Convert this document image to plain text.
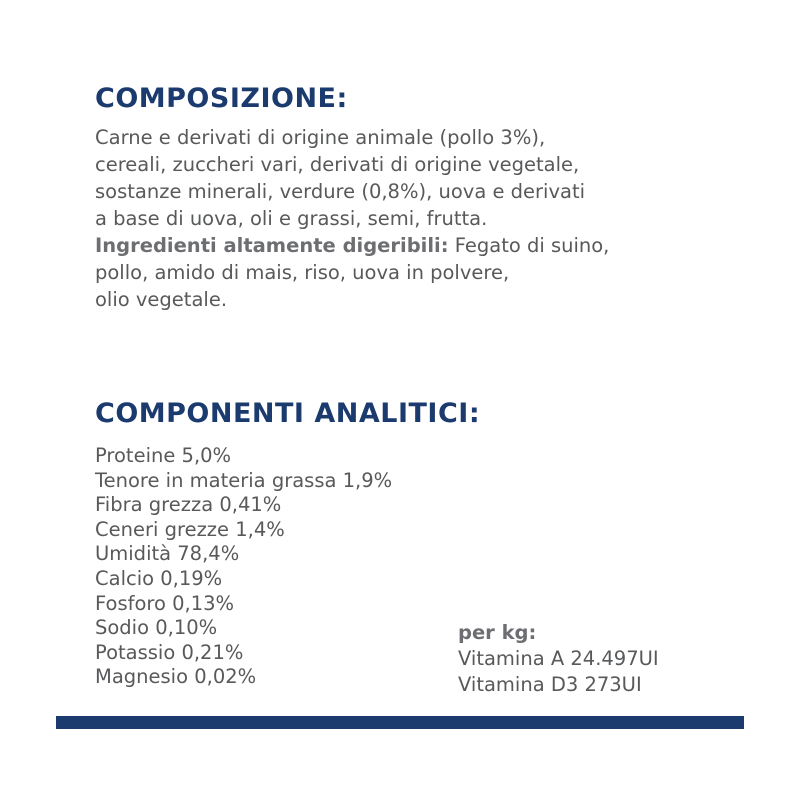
COMPOSIZIONE:
Carne e derivati di origine animale (pollo 3%),
cereali, zuccheri vari, derivati di origine vegetale,
sostanze minerali, verdure (0,8%), uova e derivati
a base di uova, oli e grassi, semi, frutta.
Ingredienti altamente digeribili: Fegato di suino,
pollo, amido di mais, riso, uova in polvere,
olio vegetale.
COMPONENTI ANALITICI:
Proteine 5,0%
Tenore in materia grassa 1,9%
Fibra grezza 0,41%
Ceneri grezze 1,4%
Umidità 78,4%
Calcio 0,19%
Fosforo 0,13%
Sodio 0,10%
Potassio 0,21%
Magnesio 0,02%
per kg:
Vitamina A 24.497UI
Vitamina D3 273UI
